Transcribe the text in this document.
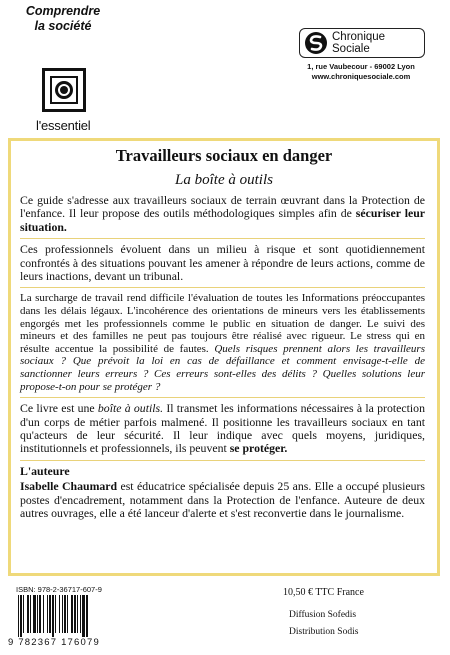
Comprendre
la société
l'essentiel
Chronique
Sociale
1, rue Vaubecour - 69002 Lyon
www.chroniquesociale.com
Travailleurs sociaux en danger
La boîte à outils

Ce guide s'adresse aux travailleurs sociaux de terrain œuvrant dans la Protection de l'enfance. Il leur propose des outils méthodologiques simples afin de sécuriser leur situation.

Ces professionnels évoluent dans un milieu à risque et sont quotidiennement confrontés à des situations pouvant les amener à répondre de leurs actions, comme de leurs inactions, devant un tribunal.

La surcharge de travail rend difficile l'évaluation de toutes les Informations préoccupantes dans les délais légaux. L'incohérence des orientations de mineurs vers les établissements engorgés met les professionnels comme le public en situation de danger. Le suivi des mineurs et des familles ne peut pas toujours être réalisé avec rigueur. Le stress qui en résulte accentue la possibilité de fautes. Quels risques prennent alors les travailleurs sociaux ? Que prévoit la loi en cas de défaillance et comment envisage-t-elle de sanctionner leurs erreurs ? Ces erreurs sont-elles des délits ? Quelles solutions leur propose-t-on pour se protéger ?

Ce livre est une boîte à outils. Il transmet les informations nécessaires à la protection d'un corps de métier parfois malmené. Il positionne les travailleurs sociaux en tant qu'acteurs de leur sécurité. Il leur indique avec quels moyens, juridiques, institutionnels et professionnels, ils peuvent se protéger.

L'auteure

Isabelle Chaumard est éducatrice spécialisée depuis 25 ans. Elle a occupé plusieurs postes d'encadrement, notamment dans la Protection de l'enfance. Auteure de deux autres ouvrages, elle a été lanceur d'alerte et s'est reconvertie dans le journalisme.

ISBN: 978-2-36717-607-9
9 782367 176079
10,50 € TTC France
Diffusion Sofedis
Distribution Sodis
